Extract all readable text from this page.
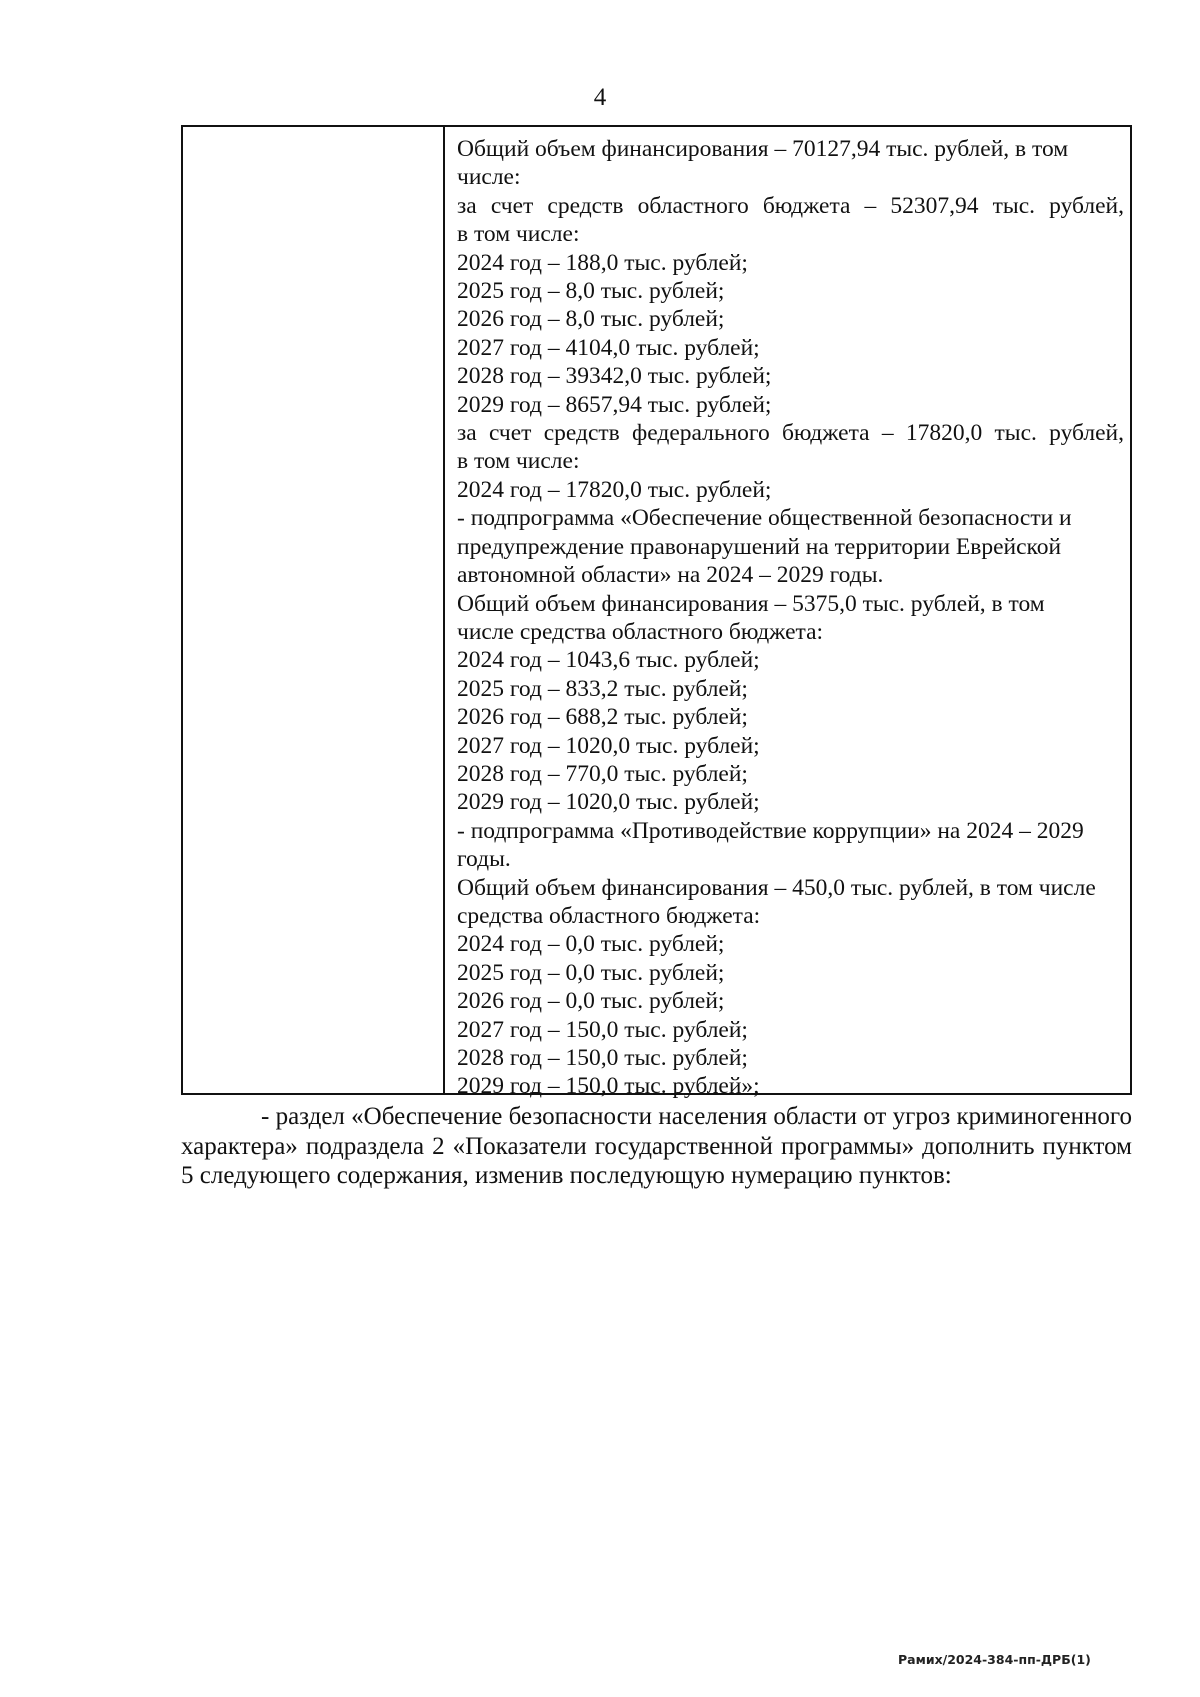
4
Общий объем финансирования – 70127,94 тыс. рублей, в том
числе:
за счет средств областного бюджета – 52307,94 тыс. рублей,
в том числе:
2024 год – 188,0 тыс. рублей;
2025 год – 8,0 тыс. рублей;
2026 год – 8,0 тыс. рублей;
2027 год – 4104,0 тыс. рублей;
2028 год – 39342,0 тыс. рублей;
2029 год – 8657,94 тыс. рублей;
за счет средств федерального бюджета – 17820,0 тыс. рублей,
в том числе:
2024 год – 17820,0 тыс. рублей;
- подпрограмма «Обеспечение общественной безопасности и
предупреждение правонарушений на территории Еврейской
автономной области» на 2024 – 2029 годы.
Общий объем финансирования – 5375,0 тыс. рублей, в том
числе средства областного бюджета:
2024 год – 1043,6 тыс. рублей;
2025 год – 833,2 тыс. рублей;
2026 год – 688,2 тыс. рублей;
2027 год – 1020,0 тыс. рублей;
2028 год – 770,0 тыс. рублей;
2029 год – 1020,0 тыс. рублей;
- подпрограмма «Противодействие коррупции» на 2024 – 2029
годы.
Общий объем финансирования – 450,0 тыс. рублей, в том числе
средства областного бюджета:
2024 год – 0,0 тыс. рублей;
2025 год – 0,0 тыс. рублей;
2026 год – 0,0 тыс. рублей;
2027 год – 150,0 тыс. рублей;
2028 год – 150,0 тыс. рублей;
2029 год – 150,0 тыс. рублей»;

- раздел «Обеспечение безопасности населения области от угроз криминогенного характера» подраздела 2 «Показатели государственной программы» дополнить пунктом 5 следующего содержания, изменив последующую нумерацию пунктов:

Рамих/2024-384-пп-ДРБ(1)
